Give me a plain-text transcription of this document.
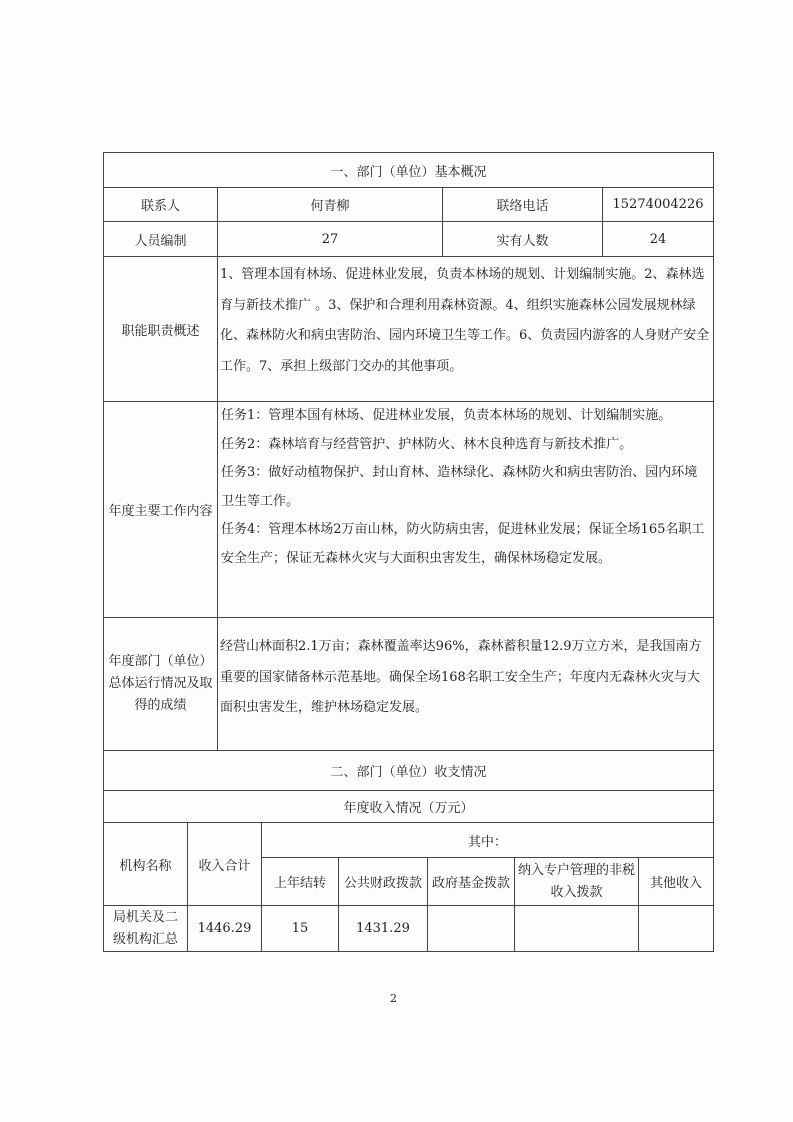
一、部门（单位）基本概况			
联系人	何青柳	联络电话	15274004226
人员编制	27	实有人数	24
职能职责概述	1、管理本国有林场、促进林业发展，负责本林场的规划、计划编制实施。2、森林选育与新技术推广 。3、保护和合理利用森林资源。4、组织实施森林公园发展规林绿化、森林防火和病虫害防治、园内环境卫生等工作。6、负责园内游客的人身财产安全工作。7、承担上级部门交办的其他事项。		
年度主要工作内容	任务1：管理本国有林场、促进林业发展，负责本林场的规划、计划编制实施。

任务2：森林培育与经营管护、护林防火、林木良种选育与新技术推广。

任务3：做好动植物保护、封山育林、造林绿化、森林防火和病虫害防治、园内环境卫生等工作。

任务4：管理本林场2万亩山林，防火防病虫害，促进林业发展；保证全场165名职工安全生产；保证无森林火灾与大面积虫害发生，确保林场稳定发展。		

年度部门（单位）总体运行情况及取得的成绩	经营山林面积2.1万亩；森林覆盖率达96%，森林蓄积量12.9万立方米，是我国南方重要的国家储备林示范基地。确保全场168名职工安全生产；年度内无森林火灾与大面积虫害发生，维护林场稳定发展。		
二、部门（单位）收支情况			
年度收入情况（万元）						
机构名称	收入合计	其中：				
		上年结转	公共财政拨款	政府基金拨款	纳入专户管理的非税收入拨款	其他收入
局机关及二级机构汇总	1446.29	15	1431.29			
2
